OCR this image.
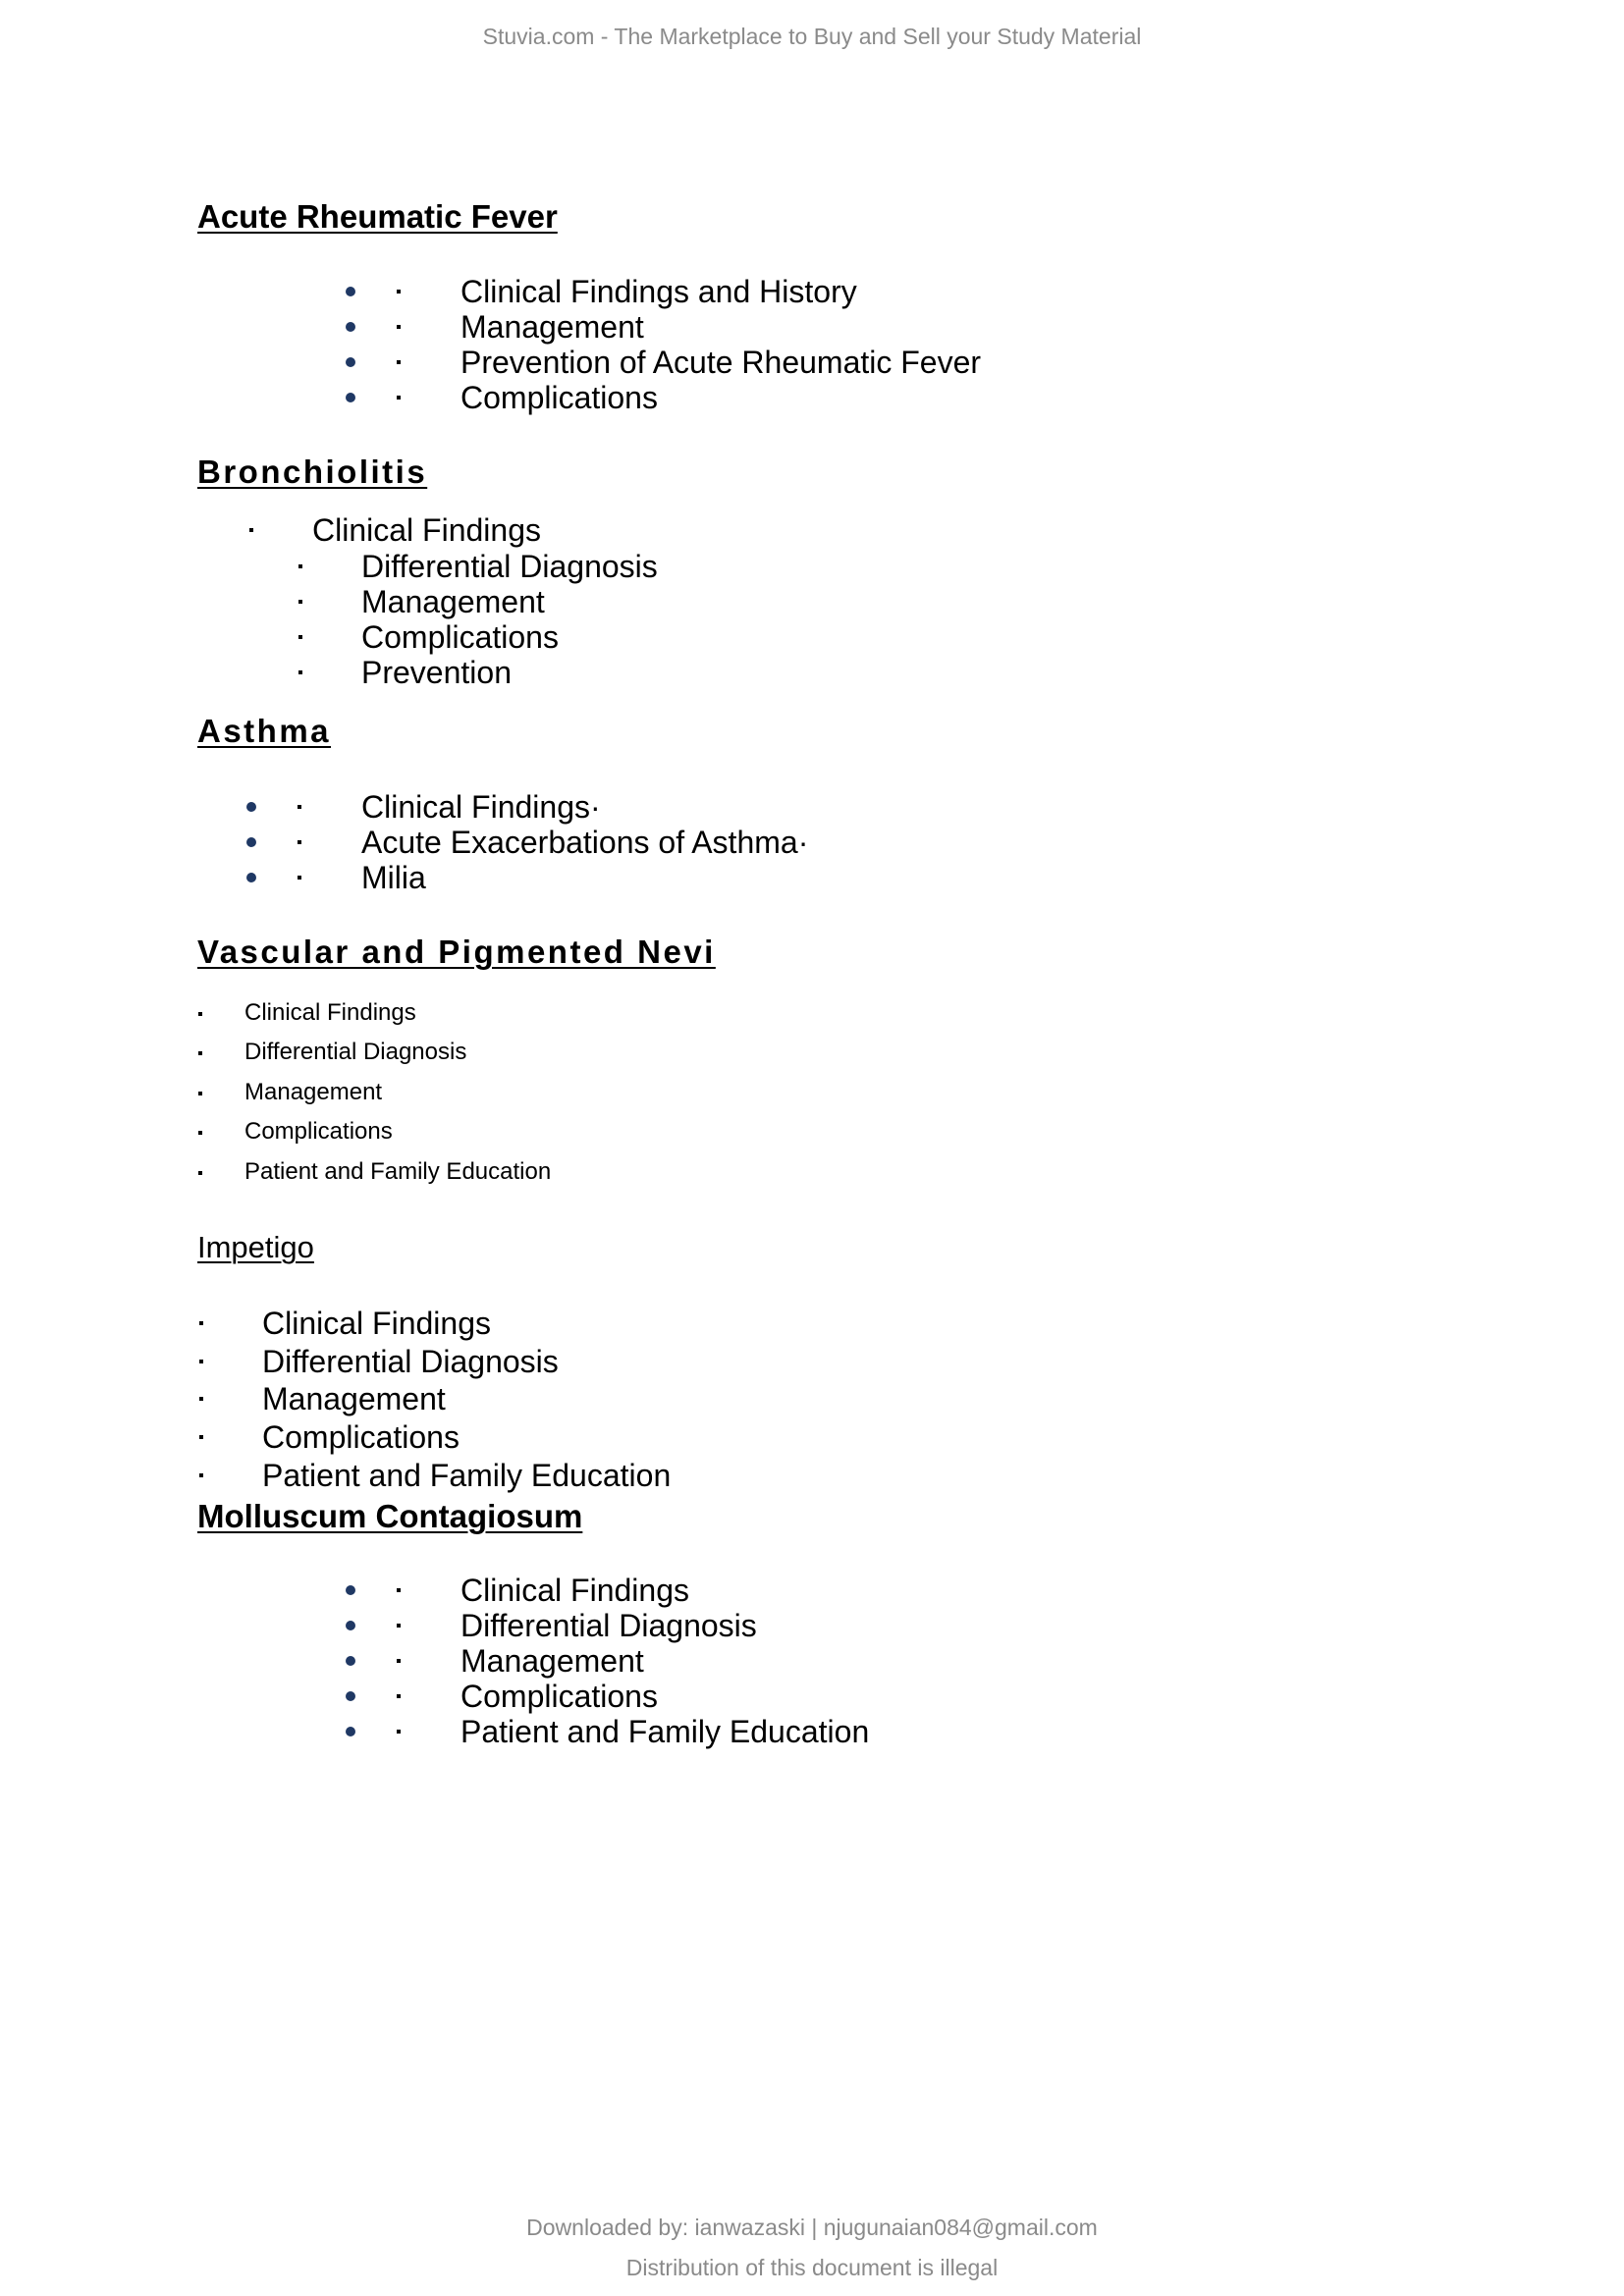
Stuvia.com - The Marketplace to Buy and Sell your Study Material
Acute Rheumatic Fever
Clinical Findings and History
Management
Prevention of Acute Rheumatic Fever
Complications
Bronchiolitis
Clinical Findings
Differential Diagnosis
Management
Complications
Prevention
Asthma
Clinical Findings·
Acute Exacerbations of Asthma·
Milia
Vascular and Pigmented Nevi
Clinical Findings
Differential Diagnosis
Management
Complications
Patient and Family Education
Impetigo
Clinical Findings
Differential Diagnosis
Management
Complications
Patient and Family Education
Molluscum Contagiosum
Clinical Findings
Differential Diagnosis
Management
Complications
Patient and Family Education
Downloaded by: ianwazaski | njugunaian084@gmail.com
Distribution of this document is illegal
